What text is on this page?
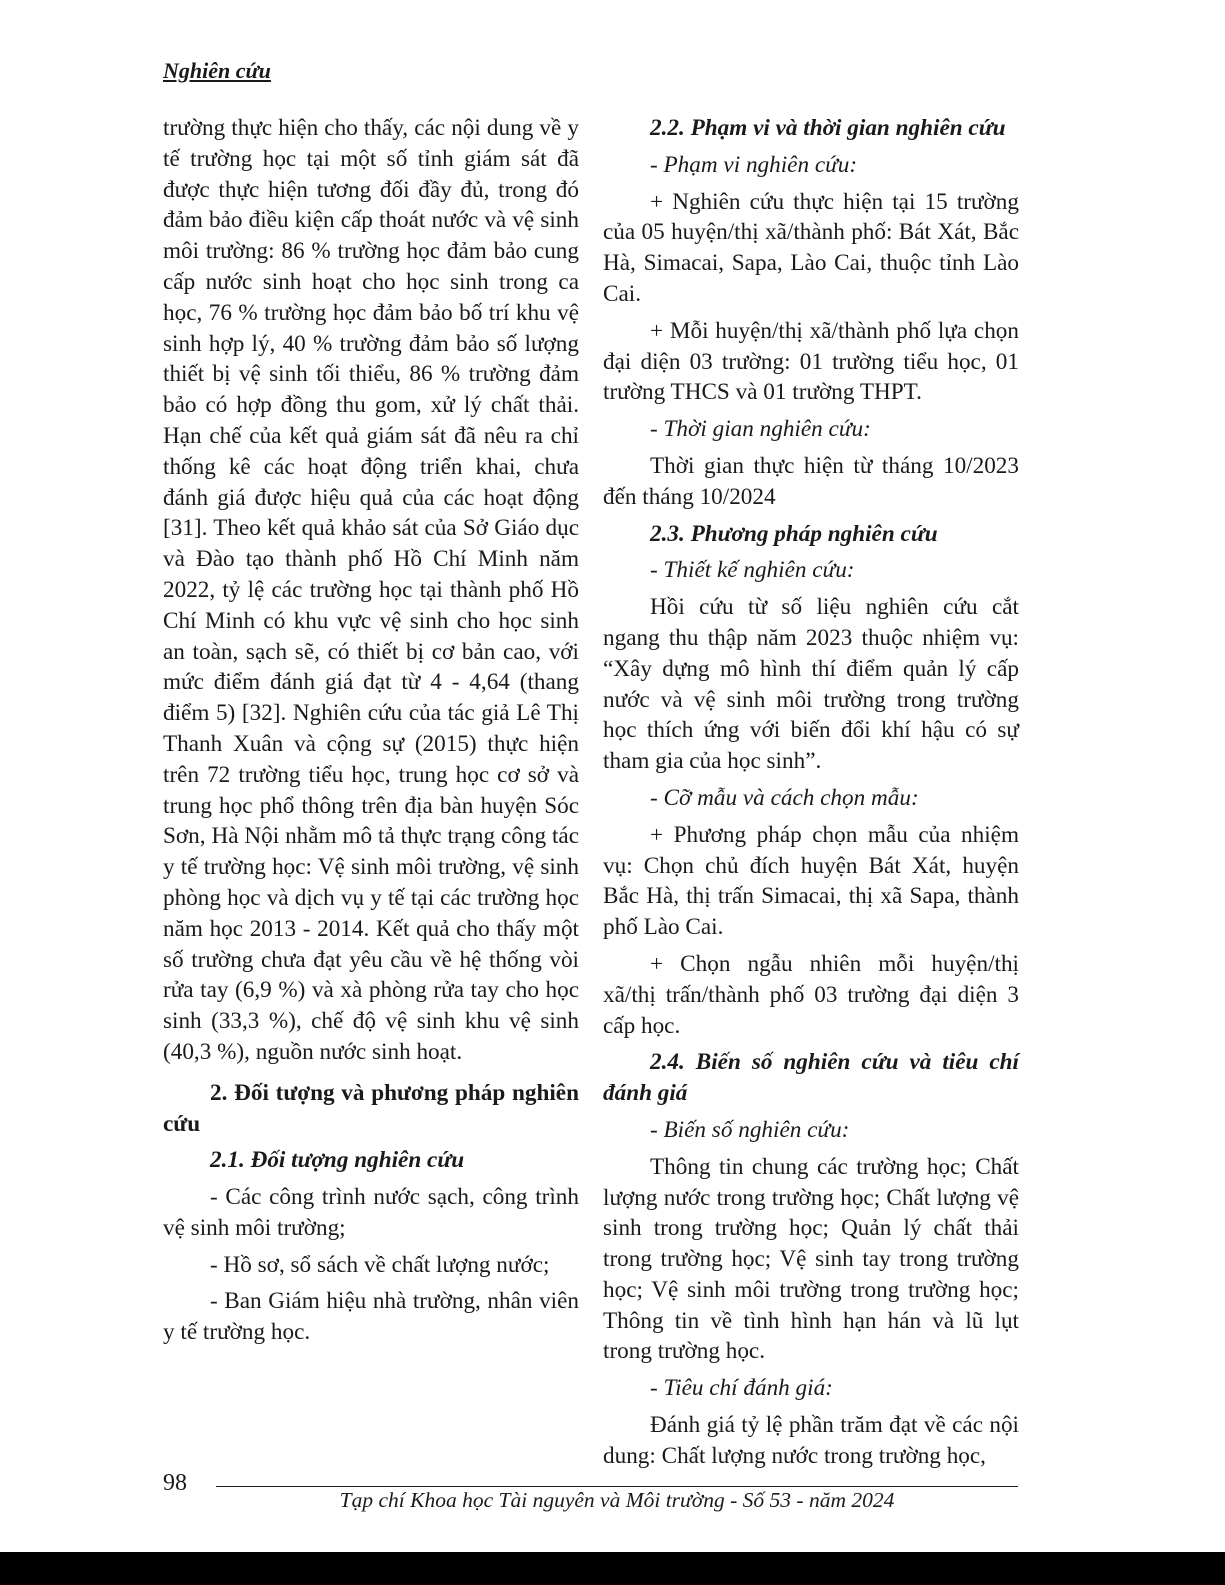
Nghiên cứu

trường thực hiện cho thấy, các nội dung về y tế trường học tại một số tỉnh giám sát đã được thực hiện tương đối đầy đủ, trong đó đảm bảo điều kiện cấp thoát nước và vệ sinh môi trường: 86 % trường học đảm bảo cung cấp nước sinh hoạt cho học sinh trong ca học, 76 % trường học đảm bảo bố trí khu vệ sinh hợp lý, 40 % trường đảm bảo số lượng thiết bị vệ sinh tối thiểu, 86 % trường đảm bảo có hợp đồng thu gom, xử lý chất thải. Hạn chế của kết quả giám sát đã nêu ra chỉ thống kê các hoạt động triển khai, chưa đánh giá được hiệu quả của các hoạt động [31]. Theo kết quả khảo sát của Sở Giáo dục và Đào tạo thành phố Hồ Chí Minh năm 2022, tỷ lệ các trường học tại thành phố Hồ Chí Minh có khu vực vệ sinh cho học sinh an toàn, sạch sẽ, có thiết bị cơ bản cao, với mức điểm đánh giá đạt từ 4 - 4,64 (thang điểm 5) [32]. Nghiên cứu của tác giả Lê Thị Thanh Xuân và cộng sự (2015) thực hiện trên 72 trường tiểu học, trung học cơ sở và trung học phổ thông trên địa bàn huyện Sóc Sơn, Hà Nội nhằm mô tả thực trạng công tác y tế trường học: Vệ sinh môi trường, vệ sinh phòng học và dịch vụ y tế tại các trường học năm học 2013 - 2014. Kết quả cho thấy một số trường chưa đạt yêu cầu về hệ thống vòi rửa tay (6,9 %) và xà phòng rửa tay cho học sinh (33,3 %), chế độ vệ sinh khu vệ sinh (40,3 %), nguồn nước sinh hoạt.

2. Đối tượng và phương pháp nghiên cứu

2.1. Đối tượng nghiên cứu

- Các công trình nước sạch, công trình vệ sinh môi trường;

- Hồ sơ, sổ sách về chất lượng nước;

- Ban Giám hiệu nhà trường, nhân viên y tế trường học.

2.2. Phạm vi và thời gian nghiên cứu

- Phạm vi nghiên cứu:

+ Nghiên cứu thực hiện tại 15 trường của 05 huyện/thị xã/thành phố: Bát Xát, Bắc Hà, Simacai, Sapa, Lào Cai, thuộc tỉnh Lào Cai.

+ Mỗi huyện/thị xã/thành phố lựa chọn đại diện 03 trường: 01 trường tiểu học, 01 trường THCS và 01 trường THPT.

- Thời gian nghiên cứu:

Thời gian thực hiện từ tháng 10/2023 đến tháng 10/2024

2.3. Phương pháp nghiên cứu

- Thiết kế nghiên cứu:

Hồi cứu từ số liệu nghiên cứu cắt ngang thu thập năm 2023 thuộc nhiệm vụ: “Xây dựng mô hình thí điểm quản lý cấp nước và vệ sinh môi trường trong trường học thích ứng với biến đổi khí hậu có sự tham gia của học sinh”.

- Cỡ mẫu và cách chọn mẫu:

+ Phương pháp chọn mẫu của nhiệm vụ: Chọn chủ đích huyện Bát Xát, huyện Bắc Hà, thị trấn Simacai, thị xã Sapa, thành phố Lào Cai.

+ Chọn ngẫu nhiên mỗi huyện/thị xã/thị trấn/thành phố 03 trường đại diện 3 cấp học.

2.4. Biến số nghiên cứu và tiêu chí đánh giá

- Biến số nghiên cứu:

Thông tin chung các trường học; Chất lượng nước trong trường học; Chất lượng vệ sinh trong trường học; Quản lý chất thải trong trường học; Vệ sinh tay trong trường học; Vệ sinh môi trường trong trường học; Thông tin về tình hình hạn hán và lũ lụt trong trường học.

- Tiêu chí đánh giá:

Đánh giá tỷ lệ phần trăm đạt về các nội dung: Chất lượng nước trong trường học,

98
Tạp chí Khoa học Tài nguyên và Môi trường - Số 53 - năm 2024
